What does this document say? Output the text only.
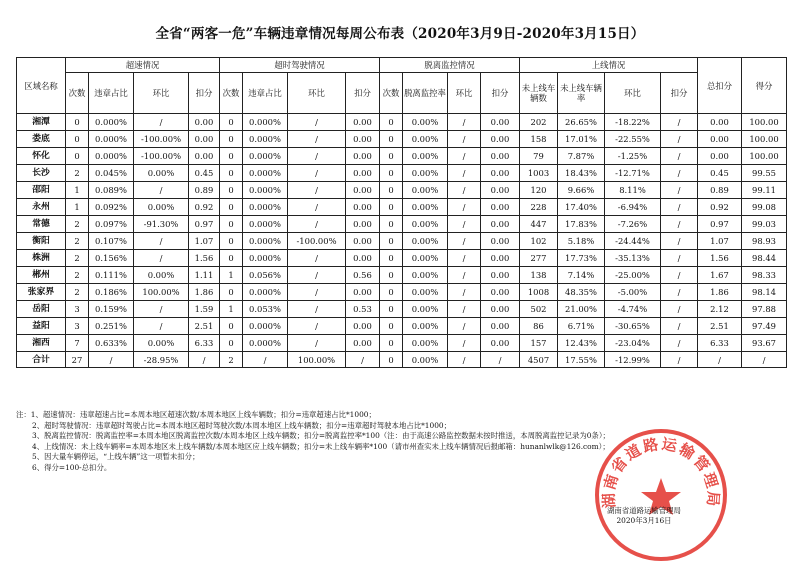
全省“两客一危”车辆违章情况每周公布表（2020年3月9日-2020年3月15日）
区域名称	超速情况				超时驾驶情况				脱离监控情况				上线情况				总扣分	得分
	次数	违章占比	环比	扣分	次数	违章占比	环比	扣分	次数	脱离监控率	环比	扣分	未上线车辆数	未上线车辆率	环比	扣分		
湘潭	0	0.000%	/	0.00	0	0.000%	/	0.00	0	0.00%	/	0.00	202	26.65%	-18.22%	/	0.00	100.00
娄底	0	0.000%	-100.00%	0.00	0	0.000%	/	0.00	0	0.00%	/	0.00	158	17.01%	-22.55%	/	0.00	100.00
怀化	0	0.000%	-100.00%	0.00	0	0.000%	/	0.00	0	0.00%	/	0.00	79	7.87%	-1.25%	/	0.00	100.00
长沙	2	0.045%	0.00%	0.45	0	0.000%	/	0.00	0	0.00%	/	0.00	1003	18.43%	-12.71%	/	0.45	99.55
邵阳	1	0.089%	/	0.89	0	0.000%	/	0.00	0	0.00%	/	0.00	120	9.66%	8.11%	/	0.89	99.11
永州	1	0.092%	0.00%	0.92	0	0.000%	/	0.00	0	0.00%	/	0.00	228	17.40%	-6.94%	/	0.92	99.08
常德	2	0.097%	-91.30%	0.97	0	0.000%	/	0.00	0	0.00%	/	0.00	447	17.83%	-7.26%	/	0.97	99.03
衡阳	2	0.107%	/	1.07	0	0.000%	-100.00%	0.00	0	0.00%	/	0.00	102	5.18%	-24.44%	/	1.07	98.93
株洲	2	0.156%	/	1.56	0	0.000%	/	0.00	0	0.00%	/	0.00	277	17.73%	-35.13%	/	1.56	98.44
郴州	2	0.111%	0.00%	1.11	1	0.056%	/	0.56	0	0.00%	/	0.00	138	7.14%	-25.00%	/	1.67	98.33
张家界	2	0.186%	100.00%	1.86	0	0.000%	/	0.00	0	0.00%	/	0.00	1008	48.35%	-5.00%	/	1.86	98.14
岳阳	3	0.159%	/	1.59	1	0.053%	/	0.53	0	0.00%	/	0.00	502	21.00%	-4.74%	/	2.12	97.88
益阳	3	0.251%	/	2.51	0	0.000%	/	0.00	0	0.00%	/	0.00	86	6.71%	-30.65%	/	2.51	97.49
湘西	7	0.633%	0.00%	6.33	0	0.000%	/	0.00	0	0.00%	/	0.00	157	12.43%	-23.04%	/	6.33	93.67
合计	27	/	-28.95%	/	2	/	100.00%	/	0	0.00%	/	/	4507	17.55%	-12.99%	/	/	/
注：1、超速情况：违章超速占比=本周本地区超速次数/本周本地区上线车辆数；扣分=违章超速占比*1000；
2、超时驾驶情况：违章超时驾驶占比=本周本地区超时驾驶次数/本周本地区上线车辆数；扣分=违章超时驾驶本地占比*1000；
3、脱离监控情况：脱离监控率=本周本地区脱离监控次数/本周本地区上线车辆数；扣分=脱离监控率*100（注：由于高速公路监控数据未按时推送，本周脱离监控记录为0条）；
4、上线情况：未上线车辆率=本周本地区未上线车辆数/本周本地区应上线车辆数；扣分=未上线车辆率*100（请市州查实未上线车辆情况后报邮箱：hunanlwlk@126.com）；
5、因大量车辆停运，“上线车辆”这一项暂未扣分；
6、得分=100-总扣分。
湖南省道路运输管理局
湖南省道路运输管理局
2020年3月16日
